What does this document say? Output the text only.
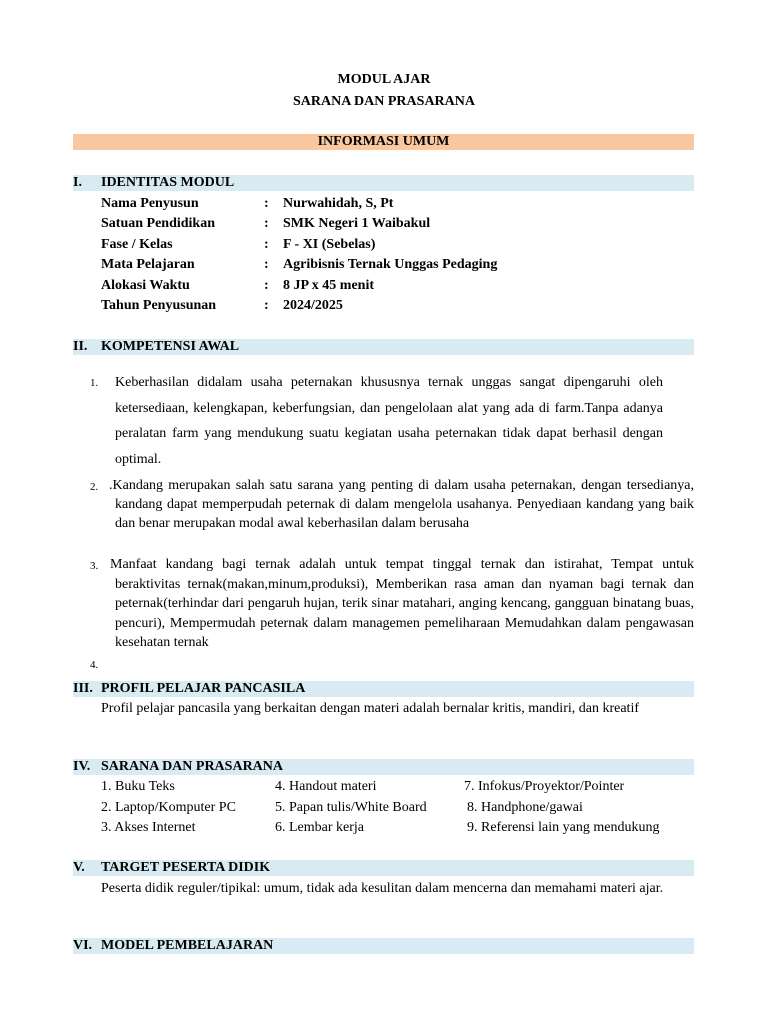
MODUL AJAR
SARANA DAN PRASARANA
INFORMASI UMUM
I. IDENTITAS MODUL
Nama Penyusun	: Nurwahidah, S, Pt
Satuan Pendidikan	: SMK Negeri 1 Waibakul
Fase / Kelas	: F - XI (Sebelas)
Mata Pelajaran	: Agribisnis Ternak Unggas Pedaging
Alokasi Waktu	: 8 JP x 45 menit
Tahun Penyusunan	: 2024/2025
II. KOMPETENSI AWAL
1. Keberhasilan didalam usaha peternakan khususnya ternak unggas sangat dipengaruhi oleh ketersediaan, kelengkapan, keberfungsian, dan pengelolaan alat yang ada di farm.Tanpa adanya peralatan farm yang mendukung suatu kegiatan usaha peternakan tidak dapat berhasil dengan optimal.
2. .Kandang merupakan salah satu sarana yang penting di dalam usaha peternakan, dengan tersedianya, kandang dapat memperpudah peternak di dalam mengelola usahanya. Penyediaan kandang yang baik dan benar merupakan modal awal keberhasilan dalam berusaha
3. Manfaat kandang bagi ternak adalah untuk tempat tinggal ternak dan istirahat, Tempat untuk beraktivitas ternak(makan,minum,produksi), Memberikan rasa aman dan nyaman bagi ternak dan peternak(terhindar dari pengaruh hujan, terik sinar matahari, anging kencang, gangguan binatang buas, pencuri), Mempermudah peternak dalam managemen pemeliharaan Memudahkan dalam pengawasan kesehatan ternak
4.
III. PROFIL PELAJAR PANCASILA
Profil pelajar pancasila yang berkaitan dengan materi adalah bernalar kritis, mandiri, dan kreatif
IV. SARANA DAN PRASARANA
1. Buku Teks
2. Laptop/Komputer PC
3. Akses Internet
4. Handout materi
5. Papan tulis/White Board
6. Lembar kerja
7. Infokus/Proyektor/Pointer
8. Handphone/gawai
9. Referensi lain yang mendukung
V. TARGET PESERTA DIDIK
Peserta didik reguler/tipikal: umum, tidak ada kesulitan dalam mencerna dan memahami materi ajar.
VI. MODEL PEMBELAJARAN
